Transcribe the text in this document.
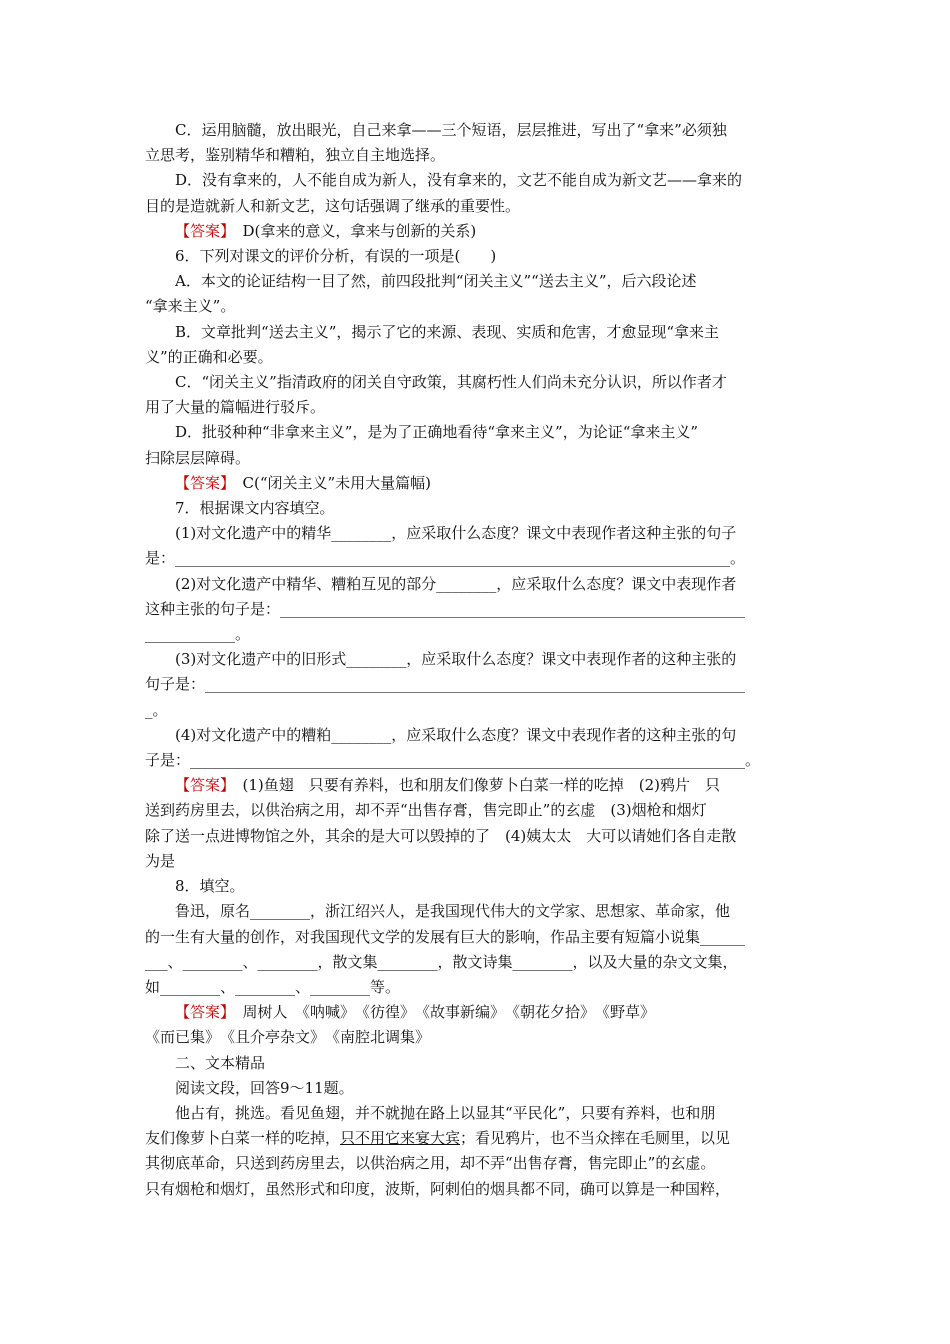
C．运用脑髓，放出眼光，自己来拿——三个短语，层层推进，写出了“拿来”必须独

立思考，鉴别精华和糟粕，独立自主地选择。

D．没有拿来的，人不能自成为新人，没有拿来的，文艺不能自成为新文艺——拿来的

目的是造就新人和新文艺，这句话强调了继承的重要性。

【答案】　D(拿来的意义，拿来与创新的关系)

6．下列对课文的评价分析，有误的一项是(　　)

A．本文的论证结构一目了然，前四段批判“闭关主义”“送去主义”，后六段论述

“拿来主义”。

B．文章批判“送去主义”，揭示了它的来源、表现、实质和危害，才愈显现“拿来主

义”的正确和必要。

C．“闭关主义”指清政府的闭关自守政策，其腐朽性人们尚未充分认识，所以作者才

用了大量的篇幅进行驳斥。

D．批驳种种“非拿来主义”，是为了正确地看待“拿来主义”，为论证“拿来主义”

扫除层层障碍。

【答案】　C(“闭关主义”未用大量篇幅)

7．根据课文内容填空。

(1)对文化遗产中的精华________，应采取什么态度？课文中表现作者这种主张的句子

是：__________________________________________________________________________。

(2)对文化遗产中精华、糟粕互见的部分________，应采取什么态度？课文中表现作者

这种主张的句子是：______________________________________________________________

____________。

(3)对文化遗产中的旧形式________，应采取什么态度？课文中表现作者的这种主张的

句子是：________________________________________________________________________

_。

(4)对文化遗产中的糟粕________，应采取什么态度？课文中表现作者的这种主张的句

子是：__________________________________________________________________________。

【答案】　(1)鱼翅　只要有养料，也和朋友们像萝卜白菜一样的吃掉　(2)鸦片　只

送到药房里去，以供治病之用，却不弄“出售存膏，售完即止”的玄虚　(3)烟枪和烟灯

除了送一点进博物馆之外，其余的是大可以毁掉的了　(4)姨太太　大可以请她们各自走散

为是

8．填空。

鲁迅，原名________，浙江绍兴人，是我国现代伟大的文学家、思想家、革命家，他

的一生有大量的创作，对我国现代文学的发展有巨大的影响，作品主要有短篇小说集______

___、________、________，散文集________，散文诗集________，以及大量的杂文文集，

如________、________、________等。

【答案】　周树人　《呐喊》　《彷徨》　《故事新编》　《朝花夕拾》　《野草》

《而已集》　《且介亭杂文》　《南腔北调集》

二、文本精品

阅读文段，回答9～11题。

他占有，挑选。看见鱼翅，并不就抛在路上以显其“平民化”，只要有养料，也和朋

友们像萝卜白菜一样的吃掉，只不用它来宴大宾；看见鸦片，也不当众摔在毛厕里，以见

其彻底革命，只送到药房里去，以供治病之用，却不弄“出售存膏，售完即止”的玄虚。

只有烟枪和烟灯，虽然形式和印度，波斯，阿剌伯的烟具都不同，确可以算是一种国粹，
